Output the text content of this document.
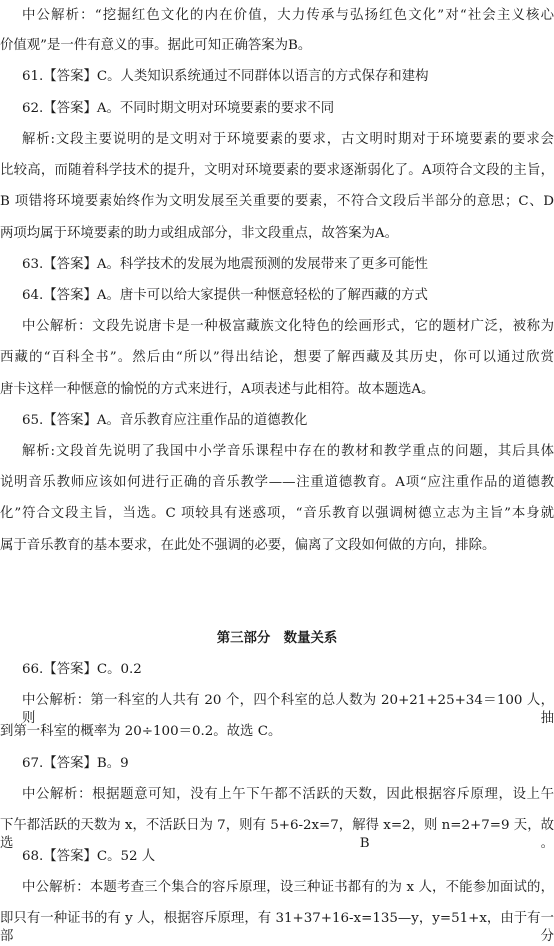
中公解析：“挖掘红色文化的内在价值，大力传承与弘扬红色文化”对“社会主义核心
价值观”是一件有意义的事。据此可知正确答案为B。
61.【答案】C。人类知识系统通过不同群体以语言的方式保存和建构
62.【答案】A。不同时期文明对环境要素的要求不同
解析:文段主要说明的是文明对于环境要素的要求，古文明时期对于环境要素的要求会
比较高，而随着科学技术的提升，文明对环境要素的要求逐渐弱化了。A项符合文段的主旨，
B 项错将环境要素始终作为文明发展至关重要的要素，不符合文段后半部分的意思；C、D
两项均属于环境要素的助力或组成部分，非文段重点，故答案为A。
63.【答案】A。科学技术的发展为地震预测的发展带来了更多可能性
64.【答案】A。唐卡可以给大家提供一种惬意轻松的了解西藏的方式
中公解析：文段先说唐卡是一种极富藏族文化特色的绘画形式，它的题材广泛，被称为
西藏的“百科全书”。然后由“所以”得出结论，想要了解西藏及其历史，你可以通过欣赏
唐卡这样一种惬意的愉悦的方式来进行，A项表述与此相符。故本题选A。
65.【答案】A。音乐教育应注重作品的道德教化
解析:文段首先说明了我国中小学音乐课程中存在的教材和教学重点的问题，其后具体
说明音乐教师应该如何进行正确的音乐教学——注重道德教育。A项“应注重作品的道德教
化”符合文段主旨，当选。C 项较具有迷惑项，“音乐教育以强调树德立志为主旨”本身就
属于音乐教育的基本要求，在此处不强调的必要，偏离了文段如何做的方向，排除。
第三部分　数量关系
66.【答案】C。0.2
中公解析：第一科室的人共有 20 个，四个科室的总人数为 20+21+25+34＝100 人，则抽
到第一科室的概率为 20÷100＝0.2。故选 C。
67.【答案】B。9
中公解析：根据题意可知，没有上午下午都不活跃的天数，因此根据容斥原理，设上午
下午都活跃的天数为 x，不活跃日为 7，则有 5+6-2x=7，解得 x=2，则 n=2+7=9 天，故选 B。
68.【答案】C。52 人
中公解析：本题考查三个集合的容斥原理，设三种证书都有的为 x 人，不能参加面试的，
即只有一种证书的有 y 人，根据容斥原理，有 31+37+16-x=135—y，y=51+x，由于有一部分
